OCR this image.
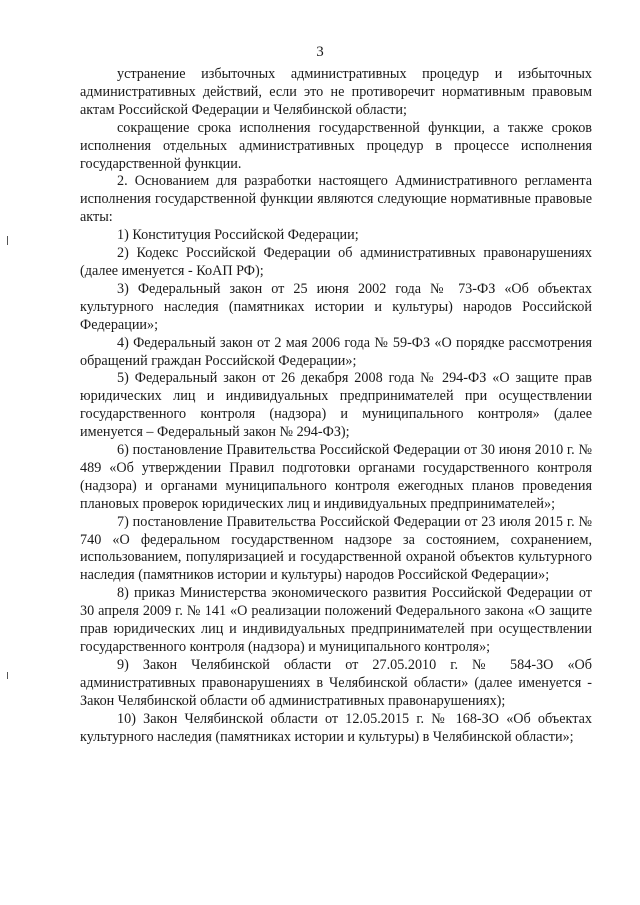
3

устранение избыточных административных процедур и избыточных административных действий, если это не противоречит нормативным правовым актам Российской Федерации и Челябинской области;

сокращение срока исполнения государственной функции, а также сроков исполнения отдельных административных процедур в процессе исполнения государственной функции.

2. Основанием для разработки настоящего Административного регламента исполнения государственной функции являются следующие нормативные правовые акты:

1) Конституция Российской Федерации;

2) Кодекс Российской Федерации об административных правонарушениях (далее именуется - КоАП РФ);

3) Федеральный закон от 25 июня 2002 года № 73-ФЗ «Об объектах культурного наследия (памятниках истории и культуры) народов Российской Федерации»;

4) Федеральный закон от 2 мая 2006 года № 59-ФЗ «О порядке рассмотрения обращений граждан Российской Федерации»;

5) Федеральный закон от 26 декабря 2008 года № 294-ФЗ «О защите прав юридических лиц и индивидуальных предпринимателей при осуществлении государственного контроля (надзора) и муниципального контроля» (далее именуется – Федеральный закон № 294-ФЗ);

6) постановление Правительства Российской Федерации от 30 июня 2010 г. № 489 «Об утверждении Правил подготовки органами государственного контроля (надзора) и органами муниципального контроля ежегодных планов проведения плановых проверок юридических лиц и индивидуальных предпринимателей»;

7) постановление Правительства Российской Федерации от 23 июля 2015 г. № 740 «О федеральном государственном надзоре за состоянием, сохранением, использованием, популяризацией и государственной охраной объектов культурного наследия (памятников истории и культуры) народов Российской Федерации»;

8) приказ Министерства экономического развития Российской Федерации от 30 апреля 2009 г. № 141 «О реализации положений Федерального закона «О защите прав юридических лиц и индивидуальных предпринимателей при осуществлении государственного контроля (надзора) и муниципального контроля»;

9) Закон Челябинской области от 27.05.2010 г. № 584-ЗО «Об административных правонарушениях в Челябинской области» (далее именуется - Закон Челябинской области об административных правонарушениях);

10) Закон Челябинской области от 12.05.2015 г. № 168-ЗО «Об объектах культурного наследия (памятниках истории и культуры) в Челябинской области»;
